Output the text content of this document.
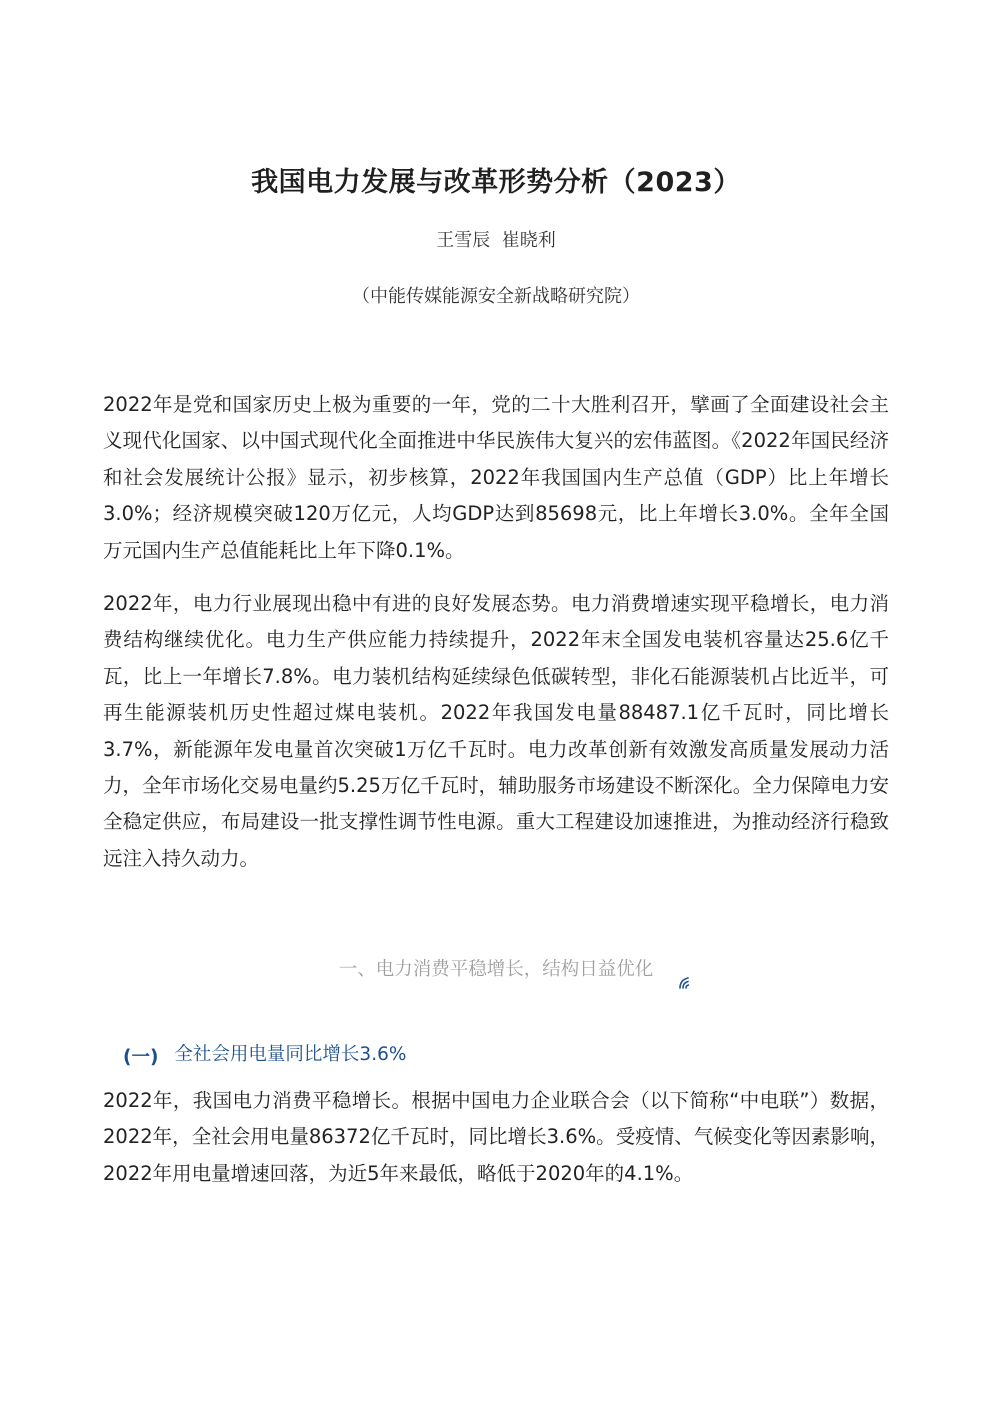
我国电力发展与改革形势分析（2023）
王雪辰  崔晓利
（中能传媒能源安全新战略研究院）

2022年是党和国家历史上极为重要的一年，党的二十大胜利召开，擘画了全面建设社会主义现代化国家、以中国式现代化全面推进中华民族伟大复兴的宏伟蓝图。《2022年国民经济和社会发展统计公报》显示，初步核算，2022年我国国内生产总值（GDP）比上年增长3.0%；经济规模突破120万亿元，人均GDP达到85698元，比上年增长3.0%。全年全国万元国内生产总值能耗比上年下降0.1%。

2022年，电力行业展现出稳中有进的良好发展态势。电力消费增速实现平稳增长，电力消费结构继续优化。电力生产供应能力持续提升，2022年末全国发电装机容量达25.6亿千瓦，比上一年增长7.8%。电力装机结构延续绿色低碳转型，非化石能源装机占比近半，可再生能源装机历史性超过煤电装机。2022年我国发电量88487.1亿千瓦时，同比增长3.7%，新能源年发电量首次突破1万亿千瓦时。电力改革创新有效激发高质量发展动力活力，全年市场化交易电量约5.25万亿千瓦时，辅助服务市场建设不断深化。全力保障电力安全稳定供应，布局建设一批支撑性调节性电源。重大工程建设加速推进，为推动经济行稳致远注入持久动力。

一、电力消费平稳增长，结构日益优化
(一) 全社会用电量同比增长3.6%

2022年，我国电力消费平稳增长。根据中国电力企业联合会（以下简称“中电联”）数据，2022年，全社会用电量86372亿千瓦时，同比增长3.6%。受疫情、气候变化等因素影响，2022年用电量增速回落，为近5年来最低，略低于2020年的4.1%。
